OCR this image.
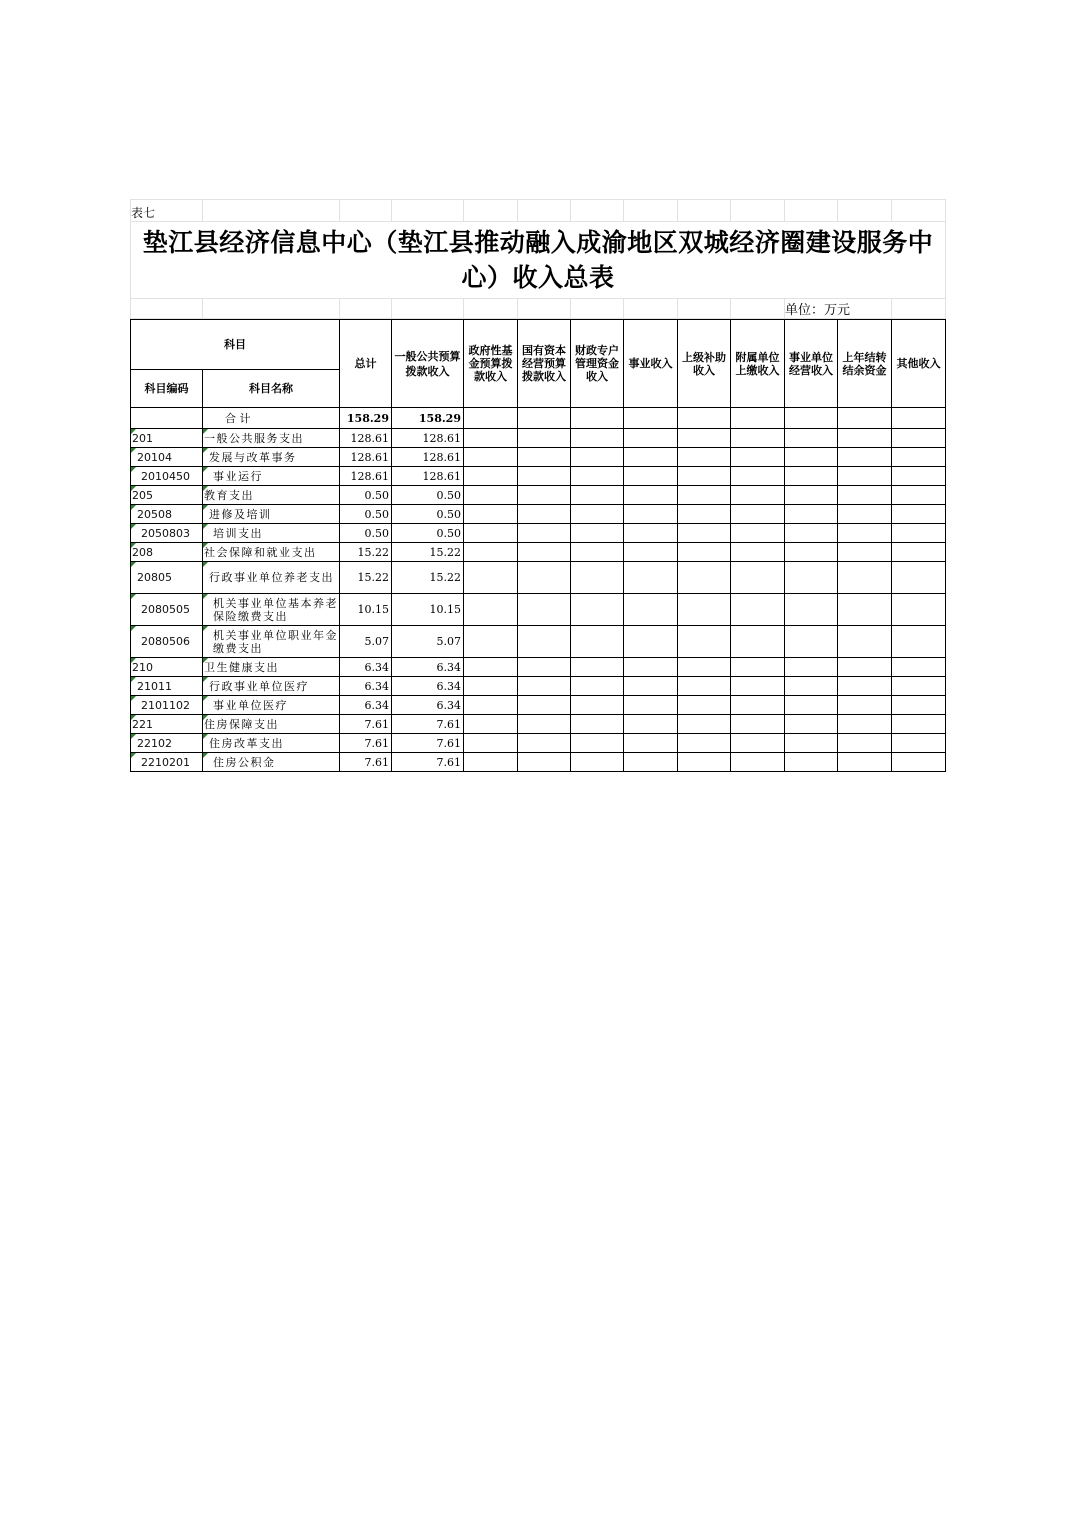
表七												
垫江县经济信息中心（垫江县推动融入成渝地区双城经济圈建设服务中心）收入总表												
										单位：万元		
科目		总计	一般公共预算拨款收入	政府性基金预算拨款收入	国有资本经营预算拨款收入	财政专户管理资金收入	事业收入	上级补助收入	附属单位上缴收入	事业单位经营收入	上年结转结余资金	其他收入
科目编码	科目名称											
	合 计	158.29	158.29									
201	一般公共服务支出	128.61	128.61									
20104	发展与改革事务	128.61	128.61									
2010450	事业运行	128.61	128.61									
205	教育支出	0.50	0.50									
20508	进修及培训	0.50	0.50									
2050803	培训支出	0.50	0.50									
208	社会保障和就业支出	15.22	15.22									
20805	行政事业单位养老支出	15.22	15.22									
2080505	机关事业单位基本养老保险缴费支出	10.15	10.15									
2080506	机关事业单位职业年金缴费支出	5.07	5.07									
210	卫生健康支出	6.34	6.34									
21011	行政事业单位医疗	6.34	6.34									
2101102	事业单位医疗	6.34	6.34									
221	住房保障支出	7.61	7.61									
22102	住房改革支出	7.61	7.61									
2210201	住房公积金	7.61	7.61									
